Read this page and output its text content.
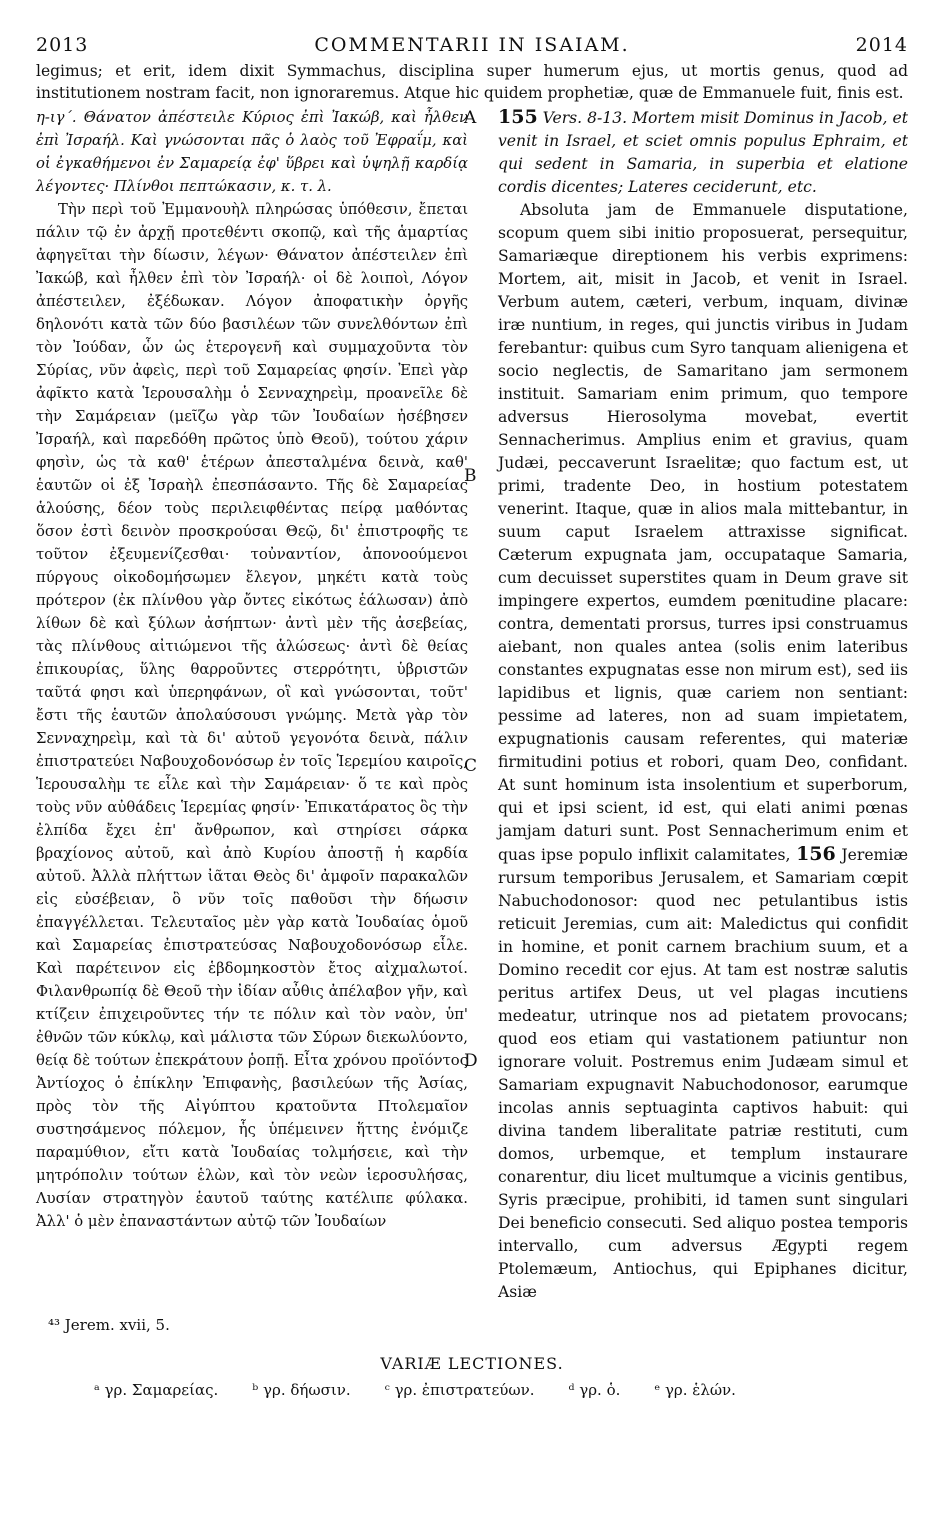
2013	COMMENTARII IN ISAIAM.	2014

legimus; et erit, idem dixit Symmachus, disciplina super humerum ejus, ut mortis genus, quod ad institutionem nostram facit, non ignoraremus. Atque hic quidem prophetiæ, quæ de Emmanuele fuit, finis est.

η-ιγ΄. Θάνατον ἀπέστειλε Κύριος ἐπὶ Ἰακώβ, καὶ ἦλθεν ἐπὶ Ἰσραήλ. Καὶ γνώσονται πᾶς ὁ λαὸς τοῦ Ἐφραΐμ, καὶ οἱ ἐγκαθήμενοι ἐν Σαμαρείᾳ ἐφ' ὕβρει καὶ ὑψηλῇ καρδίᾳ λέγοντες· Πλίνθοι πεπτώκασιν, κ. τ. λ.

Τὴν περὶ τοῦ Ἐμμανουὴλ πληρώσας ὑπόθεσιν, ἔπεται πάλιν τῷ ἐν ἀρχῇ προτεθέντι σκοπῷ, καὶ τῆς ἁμαρτίας ἀφηγεῖται τὴν δίωσιν, λέγων· Θάνατον ἀπέστειλεν ἐπὶ Ἰακώβ, καὶ ἦλθεν ἐπὶ τὸν Ἰσραήλ· οἱ δὲ λοιποὶ, Λόγον ἀπέστειλεν, ἐξέδωκαν. Λόγον ἀποφατικὴν ὀργῆς δηλονότι κατὰ τῶν δύο βασιλέων τῶν συνελθόντων ἐπὶ τὸν Ἰούδαν, ὧν ὡς ἑτερογενῆ καὶ συμμαχοῦντα τὸν Σύρίας, νῦν ἀφεὶς, περὶ τοῦ Σαμαρείας φησίν. Ἐπεὶ γὰρ ἀφῖκτο κατὰ Ἱερουσαλὴμ ὁ Σενναχηρεὶμ, προανεῖλε δὲ τὴν Σαμάρειαν (μεῖζω γὰρ τῶν Ἰουδαίων ἠσέβησεν Ἰσραήλ, καὶ παρεδόθη πρῶτος ὑπὸ Θεοῦ), τούτου χάριν φησὶν, ὡς τὰ καθ' ἑτέρων ἀπεσταλμένα δεινὰ, καθ' ἑαυτῶν οἱ ἐξ Ἰσραὴλ ἐπεσπάσαντο. Τῆς δὲ Σαμαρείας ἁλούσης, δέον τοὺς περιλειφθέντας πείρᾳ μαθόντας ὅσον ἐστὶ δεινὸν προσκρούσαι Θεῷ, δι' ἐπιστροφῆς τε τοῦτον ἐξευμενίζεσθαι· τοὐναντίον, ἀπονοούμενοι πύργους οἰκοδομήσωμεν ἔλεγον, μηκέτι κατὰ τοὺς πρότερον (ἐκ πλίνθου γὰρ ὄντες εἰκότως ἑάλωσαν) ἀπὸ λίθων δὲ καὶ ξύλων ἀσήπτων· ἀντὶ μὲν τῆς ἀσεβείας, τὰς πλίνθους αἰτιώμενοι τῆς ἁλώσεως· ἀντὶ δὲ θείας ἐπικουρίας, ὕλης θαρροῦντες στερρότητι, ὑβριστῶν ταῦτά φησι καὶ ὑπερηφάνων, οἳ καὶ γνώσονται, τοῦτ' ἔστι τῆς ἑαυτῶν ἀπολαύσουσι γνώμης. Μετὰ γὰρ τὸν Σενναχηρεὶμ, καὶ τὰ δι' αὐτοῦ γεγονότα δεινὰ, πάλιν ἐπιστρατεύει Ναβουχοδονόσωρ ἐν τοῖς Ἱερεμίου καιροῖς, Ἱερουσαλὴμ τε εἷλε καὶ τὴν Σαμάρειαν· ὅ τε καὶ πρὸς τοὺς νῦν αὐθάδεις Ἱερεμίας φησίν· Ἐπικατάρατος ὃς τὴν ἐλπίδα ἔχει ἐπ' ἄνθρωπον, καὶ στηρίσει σάρκα βραχίονος αὐτοῦ, καὶ ἀπὸ Κυρίου ἀποστῇ ἡ καρδία αὐτοῦ. Ἀλλὰ πλήττων ἰᾶται Θεὸς δι' ἀμφοῖν παρακαλῶν εἰς εὐσέβειαν, ὃ νῦν τοῖς παθοῦσι τὴν δήωσιν ἐπαγγέλλεται. Τελευταῖος μὲν γὰρ κατὰ Ἰουδαίας ὁμοῦ καὶ Σαμαρείας ἐπιστρατεύσας Ναβουχοδονόσωρ εἷλε. Καὶ παρέτεινον εἰς ἑβδομηκοστὸν ἔτος αἰχμαλωτοί. Φιλανθρωπίᾳ δὲ Θεοῦ τὴν ἰδίαν αὖθις ἀπέλαβον γῆν, καὶ κτίζειν ἐπιχειροῦντες τήν τε πόλιν καὶ τὸν ναὸν, ὑπ' ἐθνῶν τῶν κύκλῳ, καὶ μάλιστα τῶν Σύρων διεκωλύοντο, θείᾳ δὲ τούτων ἐπεκράτουν ῥοπῇ. Εἶτα χρόνου προϊόντος Ἀντίοχος ὁ ἐπίκλην Ἐπιφανὴς, βασιλεύων τῆς Ἀσίας, πρὸς τὸν τῆς Αἰγύπτου κρατοῦντα Πτολεμαῖον συστησάμενος πόλεμον, ἧς ὑπέμεινεν ἥττης ἐνόμιζε παραμύθιον, εἴτι κατὰ Ἰουδαίας τολμήσειε, καὶ τὴν μητρόπολιν τούτων ἑλὼν, καὶ τὸν νεὼν ἱεροσυλήσας, Λυσίαν στρατηγὸν ἑαυτοῦ ταύτης κατέλιπε φύλακα. Ἀλλ' ὁ μὲν ἐπαναστάντων αὐτῷ τῶν Ἰουδαίων

A
B
C
D

155 Vers. 8-13. Mortem misit Dominus in Jacob, et venit in Israel, et sciet omnis populus Ephraim, et qui sedent in Samaria, in superbia et elatione cordis dicentes; Lateres ceciderunt, etc.

Absoluta jam de Emmanuele disputatione, scopum quem sibi initio proposuerat, persequitur, Samariæque direptionem his verbis exprimens: Mortem, ait, misit in Jacob, et venit in Israel. Verbum autem, cæteri, verbum, inquam, divinæ iræ nuntium, in reges, qui junctis viribus in Judam ferebantur: quibus cum Syro tanquam alienigena et socio neglectis, de Samaritano jam sermonem instituit. Samariam enim primum, quo tempore adversus Hierosolyma movebat, evertit Sennacherimus. Amplius enim et gravius, quam Judæi, peccaverunt Israelitæ; quo factum est, ut primi, tradente Deo, in hostium potestatem venerint. Itaque, quæ in alios mala mittebantur, in suum caput Israelem attraxisse significat. Cæterum expugnata jam, occupataque Samaria, cum decuisset superstites quam in Deum grave sit impingere expertos, eumdem pœnitudine placare: contra, dementati prorsus, turres ipsi construamus aiebant, non quales antea (solis enim lateribus constantes expugnatas esse non mirum est), sed iis lapidibus et lignis, quæ cariem non sentiant: pessime ad lateres, non ad suam impietatem, expugnationis causam referentes, qui materiæ firmitudini potius et robori, quam Deo, confidant. At sunt hominum ista insolentium et superborum, qui et ipsi scient, id est, qui elati animi pœnas jamjam daturi sunt. Post Sennacherimum enim et quas ipse populo inflixit calamitates, 156 Jeremiæ rursum temporibus Jerusalem, et Samariam cœpit Nabuchodonosor: quod nec petulantibus istis reticuit Jeremias, cum ait: Maledictus qui confidit in homine, et ponit carnem brachium suum, et a Domino recedit cor ejus. At tam est nostræ salutis peritus artifex Deus, ut vel plagas incutiens medeatur, utrinque nos ad pietatem provocans; quod eos etiam qui vastationem patiuntur non ignorare voluit. Postremus enim Judæam simul et Samariam expugnavit Nabuchodonosor, earumque incolas annis septuaginta captivos habuit: qui divina tandem liberalitate patriæ restituti, cum domos, urbemque, et templum instaurare conarentur, diu licet multumque a vicinis gentibus, Syris præcipue, prohibiti, id tamen sunt singulari Dei beneficio consecuti. Sed aliquo postea temporis intervallo, cum adversus Ægypti regem Ptolemæum, Antiochus, qui Epiphanes dicitur, Asiæ

⁴³ Jerem. xvii, 5.
VARIÆ LECTIONES.
ᵃ γρ. Σαμαρείας. ᵇ γρ. δήωσιν. ᶜ γρ. ἐπιστρατεύων. ᵈ γρ. ὁ. ᵉ γρ. ἑλών.
